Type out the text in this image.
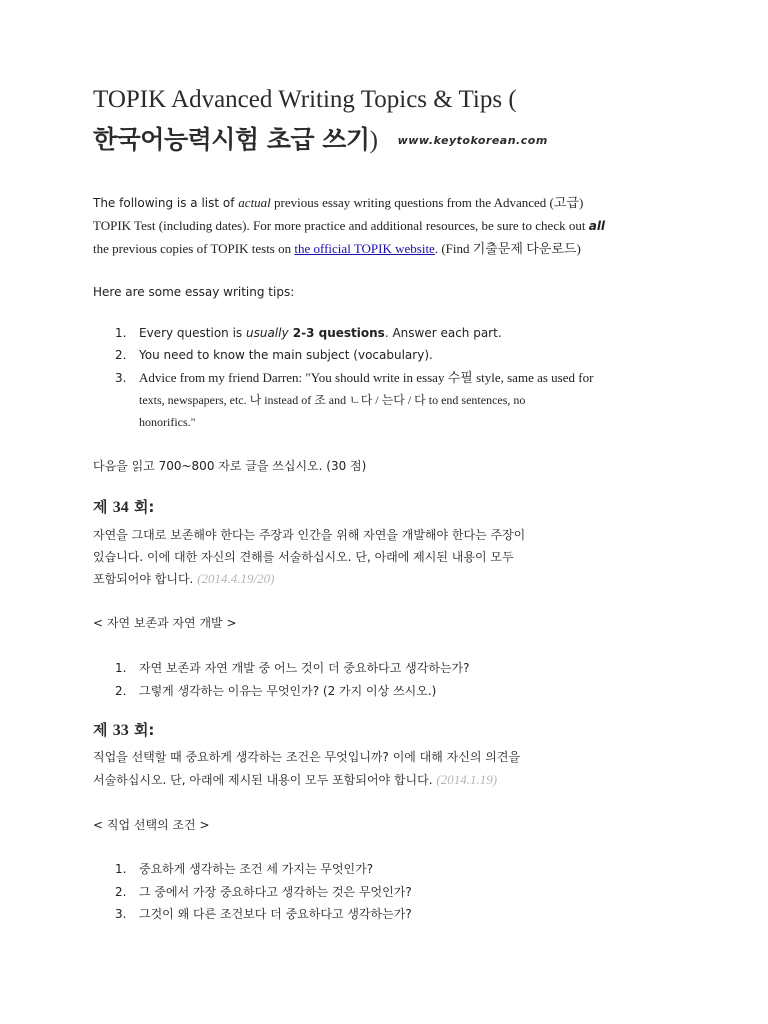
TOPIK Advanced Writing Topics & Tips (
한국어능력시험 초급 쓰기) www.keytokorean.com
The following is a list of actual previous essay writing questions from the Advanced (고급)
TOPIK Test (including dates). For more practice and additional resources, be sure to check out all
the previous copies of TOPIK tests on the official TOPIK website. (Find 기출문제 다운로드)
Here are some essay writing tips:
1.	Every question is usually 2-3 questions. Answer each part.
2.	You need to know the main subject (vocabulary).
3. Advice from my friend Darren: "You should write in essay 수필 style, same as used for
texts, newspapers, etc. 나 instead of 조 and ㄴ다 / 는다 / 다 to end sentences, no
honorifics."
다음을 읽고 700~800 자로 글을 쓰십시오. (30 점)
제 34 회:
자연을 그대로 보존해야 한다는 주장과 인간을 위해 자연을 개발해야 한다는 주장이
있습니다. 이에 대한 자신의 견해를 서술하십시오. 단, 아래에 제시된 내용이 모두
포함되어야 합니다. (2014.4.19/20)
< 자연 보존과 자연 개발 >
1.	자연 보존과 자연 개발 중 어느 것이 더 중요하다고 생각하는가?
2.	그렇게 생각하는 이유는 무엇인가? (2 가지 이상 쓰시오.)
제 33 회:
직업을 선택할 때 중요하게 생각하는 조건은 무엇입니까? 이에 대해 자신의 의견을
서술하십시오. 단, 아래에 제시된 내용이 모두 포함되어야 합니다. (2014.1.19)
< 직업 선택의 조건 >
1.	중요하게 생각하는 조건 세 가지는 무엇인가?
2.	그 중에서 가장 중요하다고 생각하는 것은 무엇인가?
3.	그것이 왜 다른 조건보다 더 중요하다고 생각하는가?
